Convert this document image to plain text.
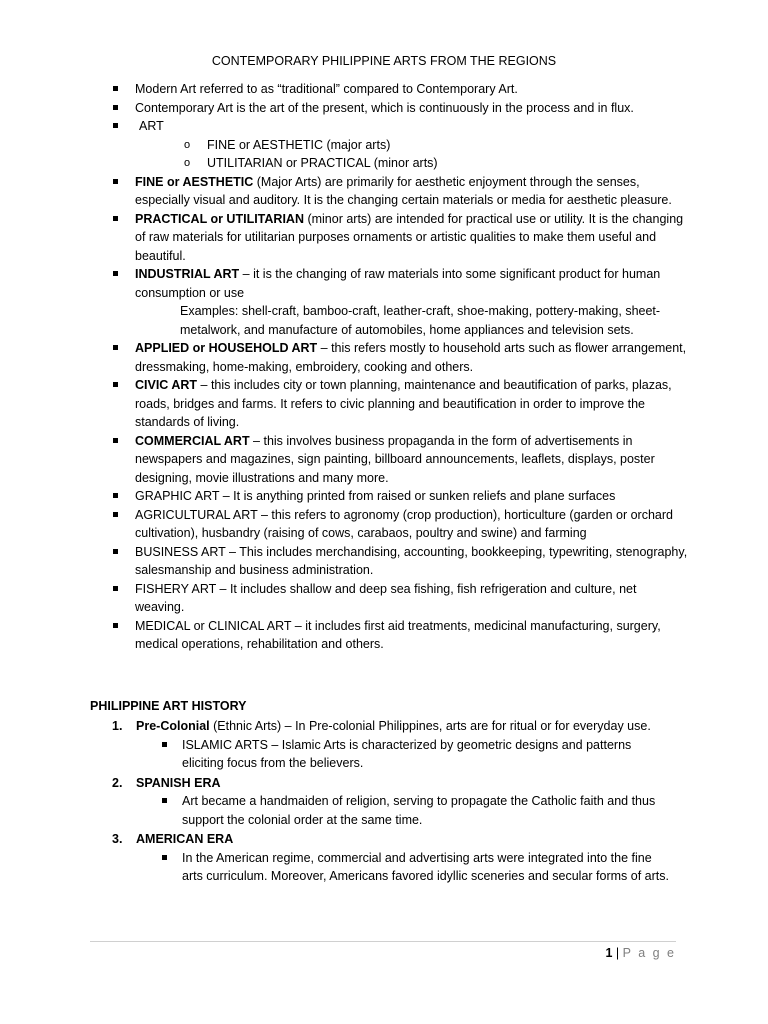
CONTEMPORARY PHILIPPINE ARTS FROM THE REGIONS
Modern Art referred to as “traditional” compared to Contemporary Art.
Contemporary Art is the art of the present, which is continuously in the process and in flux.
ART
o FINE or AESTHETIC (major arts)
o UTILITARIAN or PRACTICAL (minor arts)
FINE or AESTHETIC (Major Arts) are primarily for aesthetic enjoyment through the senses, especially visual and auditory. It is the changing certain materials or media for aesthetic pleasure.
PRACTICAL or UTILITARIAN (minor arts) are intended for practical use or utility. It is the changing of raw materials for utilitarian purposes ornaments or artistic qualities to make them useful and beautiful.
INDUSTRIAL ART – it is the changing of raw materials into some significant product for human consumption or use
Examples: shell-craft, bamboo-craft, leather-craft, shoe-making, pottery-making, sheet-metalwork, and manufacture of automobiles, home appliances and television sets.
APPLIED or HOUSEHOLD ART – this refers mostly to household arts such as flower arrangement, dressmaking, home-making, embroidery, cooking and others.
CIVIC ART – this includes city or town planning, maintenance and beautification of parks, plazas, roads, bridges and farms. It refers to civic planning and beautification in order to improve the standards of living.
COMMERCIAL ART – this involves business propaganda in the form of advertisements in newspapers and magazines, sign painting, billboard announcements, leaflets, displays, poster designing, movie illustrations and many more.
GRAPHIC ART – It is anything printed from raised or sunken reliefs and plane surfaces
AGRICULTURAL ART – this refers to agronomy (crop production), horticulture (garden or orchard cultivation), husbandry (raising of cows, carabaos, poultry and swine) and farming
BUSINESS ART – This includes merchandising, accounting, bookkeeping, typewriting, stenography, salesmanship and business administration.
FISHERY ART – It includes shallow and deep sea fishing, fish refrigeration and culture, net weaving.
MEDICAL or CLINICAL ART – it includes first aid treatments, medicinal manufacturing, surgery, medical operations, rehabilitation and others.
PHILIPPINE ART HISTORY
1. Pre-Colonial (Ethnic Arts) – In Pre-colonial Philippines, arts are for ritual or for everyday use.
ISLAMIC ARTS – Islamic Arts is characterized by geometric designs and patterns eliciting focus from the believers.
2. SPANISH ERA
Art became a handmaiden of religion, serving to propagate the Catholic faith and thus support the colonial order at the same time.
3. AMERICAN ERA
In the American regime, commercial and advertising arts were integrated into the fine arts curriculum. Moreover, Americans favored idyllic sceneries and secular forms of arts.
1 | P a g e
